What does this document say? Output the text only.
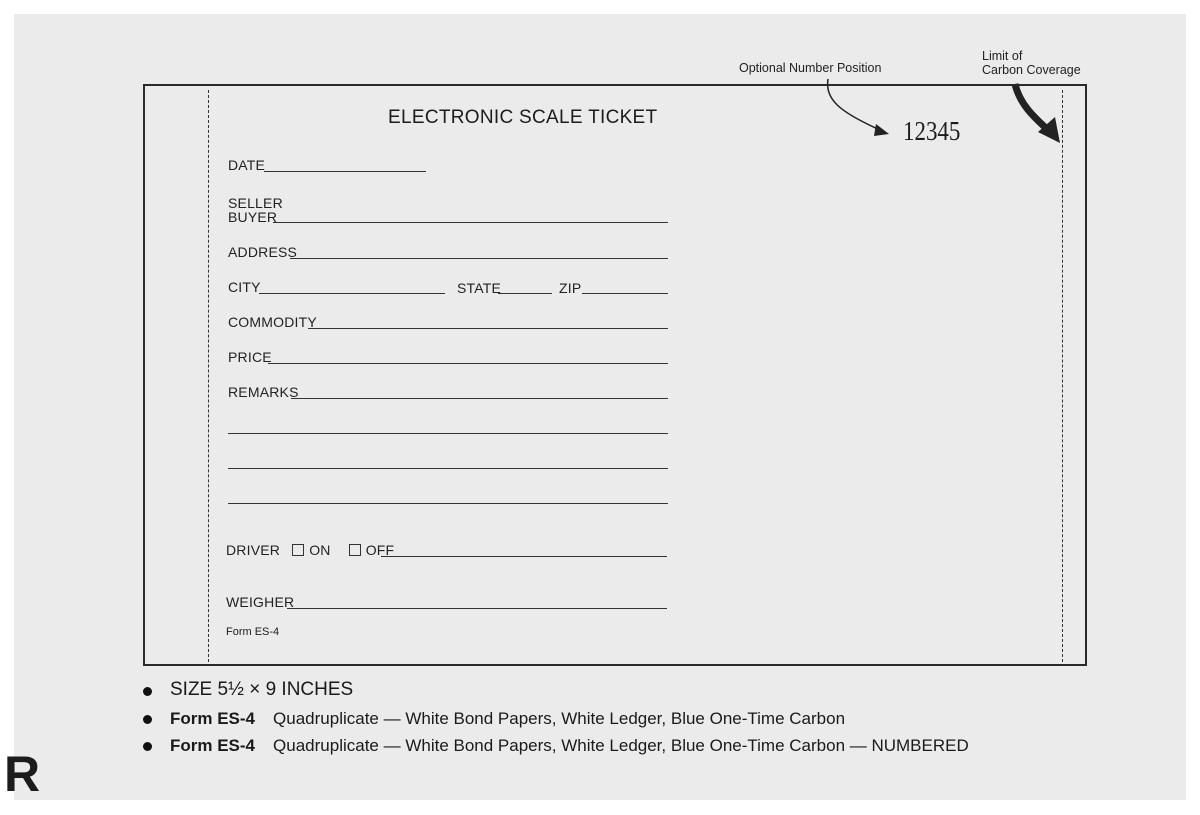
Optional Number Position
Limit of
Carbon Coverage
ELECTRONIC SCALE TICKET	12345
DATE
SELLER
BUYER
ADDRESS
CITY	STATE	ZIP
COMMODITY
PRICE
REMARKS
DRIVER ON	OFF
WEIGHER
Form ES-4
SIZE 5½ × 9 INCHES
Form ES-4 Quadruplicate — White Bond Papers, White Ledger, Blue One-Time Carbon
Form ES-4 Quadruplicate — White Bond Papers, White Ledger, Blue One-Time Carbon — NUMBERED
R
